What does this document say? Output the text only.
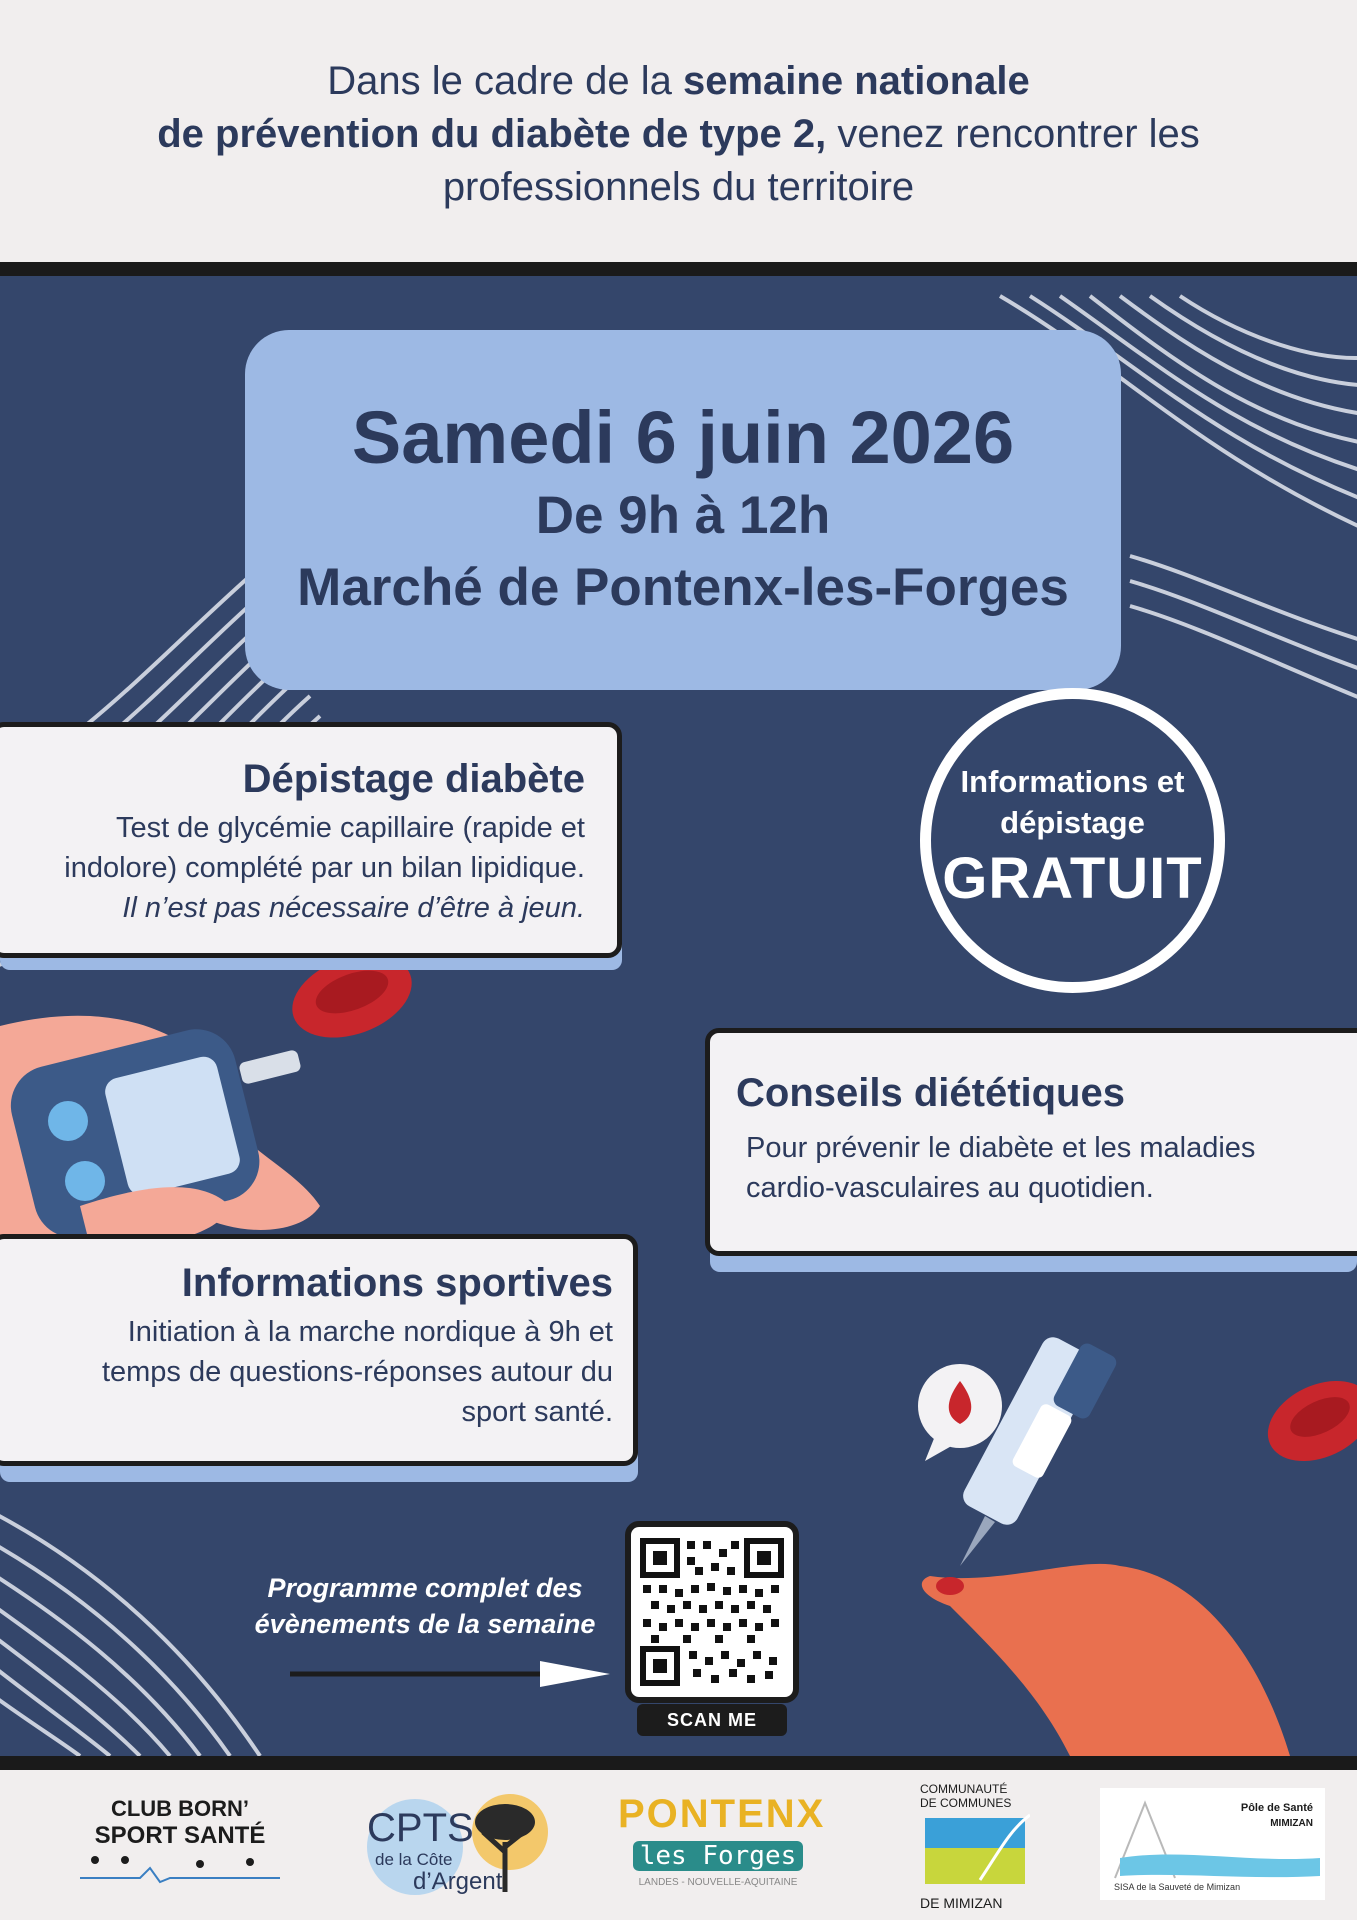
Dans le cadre de la semaine nationale
de prévention du diabète de type 2, venez rencontrer les
professionnels du territoire
Samedi 6 juin 2026
De 9h à 12h
Marché de Pontenx-les-Forges
Dépistage diabète

Test de glycémie capillaire (rapide et

indolore) complété par un bilan lipidique.

Il n’est pas nécessaire d’être à jeun.

Informations et
dépistage
GRATUIT
Conseils diététiques

Pour prévenir le diabète et les maladies

cardio-vasculaires au quotidien.

Informations sportives

Initiation à la marche nordique à 9h et

temps de questions-réponses autour du

sport santé.

Programme complet des
évènements de la semaine
SCAN ME
CLUB BORN’
SPORT SANTÉ	CPTS
de la Côte
d’Argent
PONTENX
les Forges
LANDES - NOUVELLE-AQUITAINE
COMMUNAUTÉ
DE COMMUNES
DE MIMIZAN
Pôle de Santé
MIMIZAN
SISA de la Sauveté de Mimizan
